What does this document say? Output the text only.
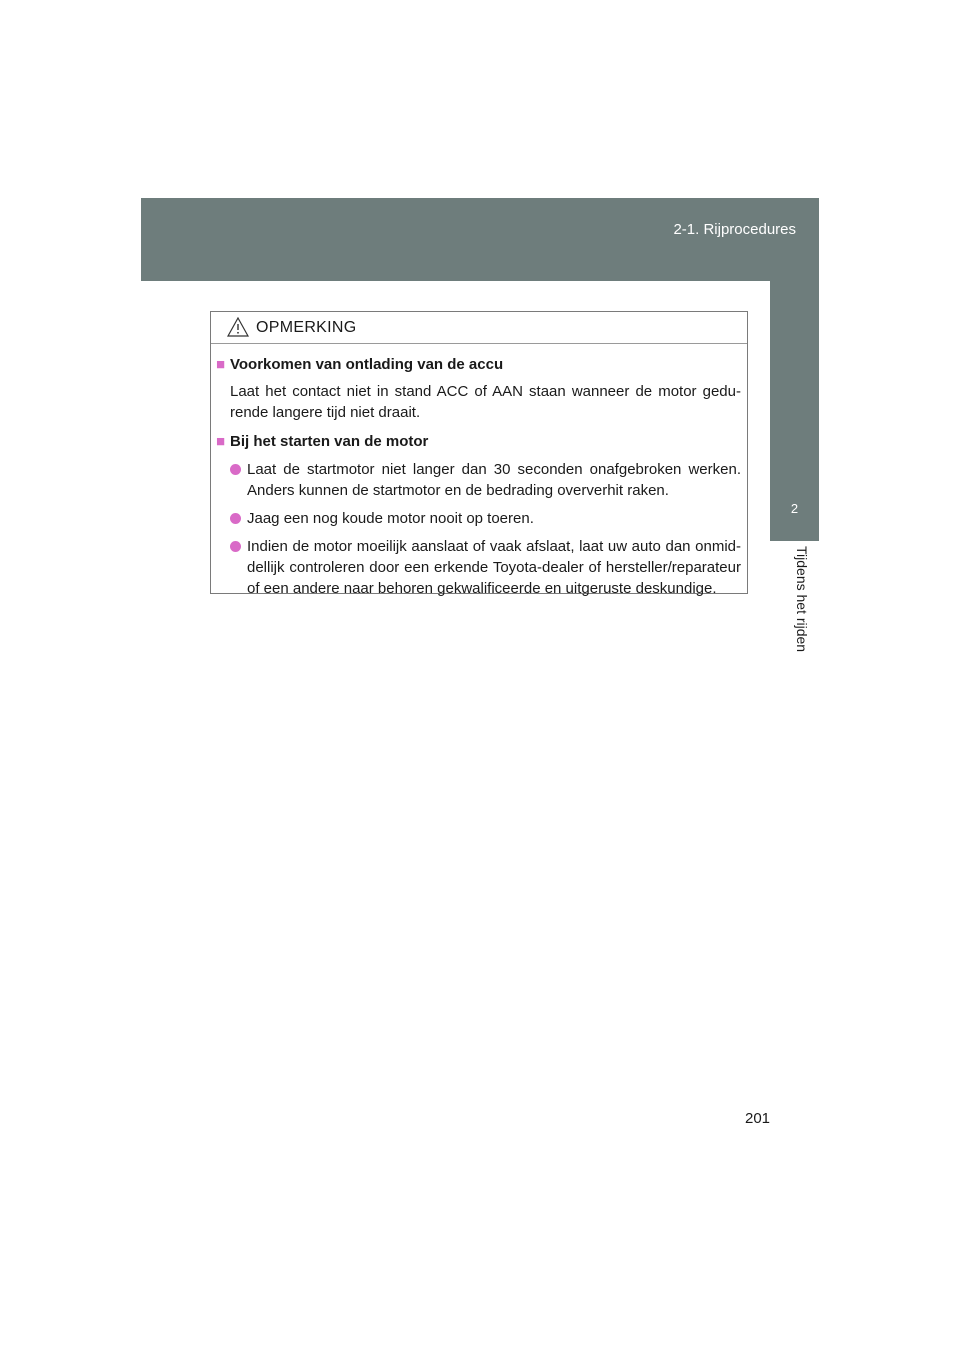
2-1. Rijprocedures
2
Tijdens het rijden
OPMERKING
■ Voorkomen van ontlading van de accu
Laat het contact niet in stand ACC of AAN staan wanneer de motor gedu-rende langere tijd niet draait.
■ Bij het starten van de motor
Laat de startmotor niet langer dan 30 seconden onafgebroken werken. Anders kunnen de startmotor en de bedrading oververhit raken.
Jaag een nog koude motor nooit op toeren.
Indien de motor moeilijk aanslaat of vaak afslaat, laat uw auto dan onmid-dellijk controleren door een erkende Toyota-dealer of hersteller/reparateur of een andere naar behoren gekwalificeerde en uitgeruste deskundige.
201
